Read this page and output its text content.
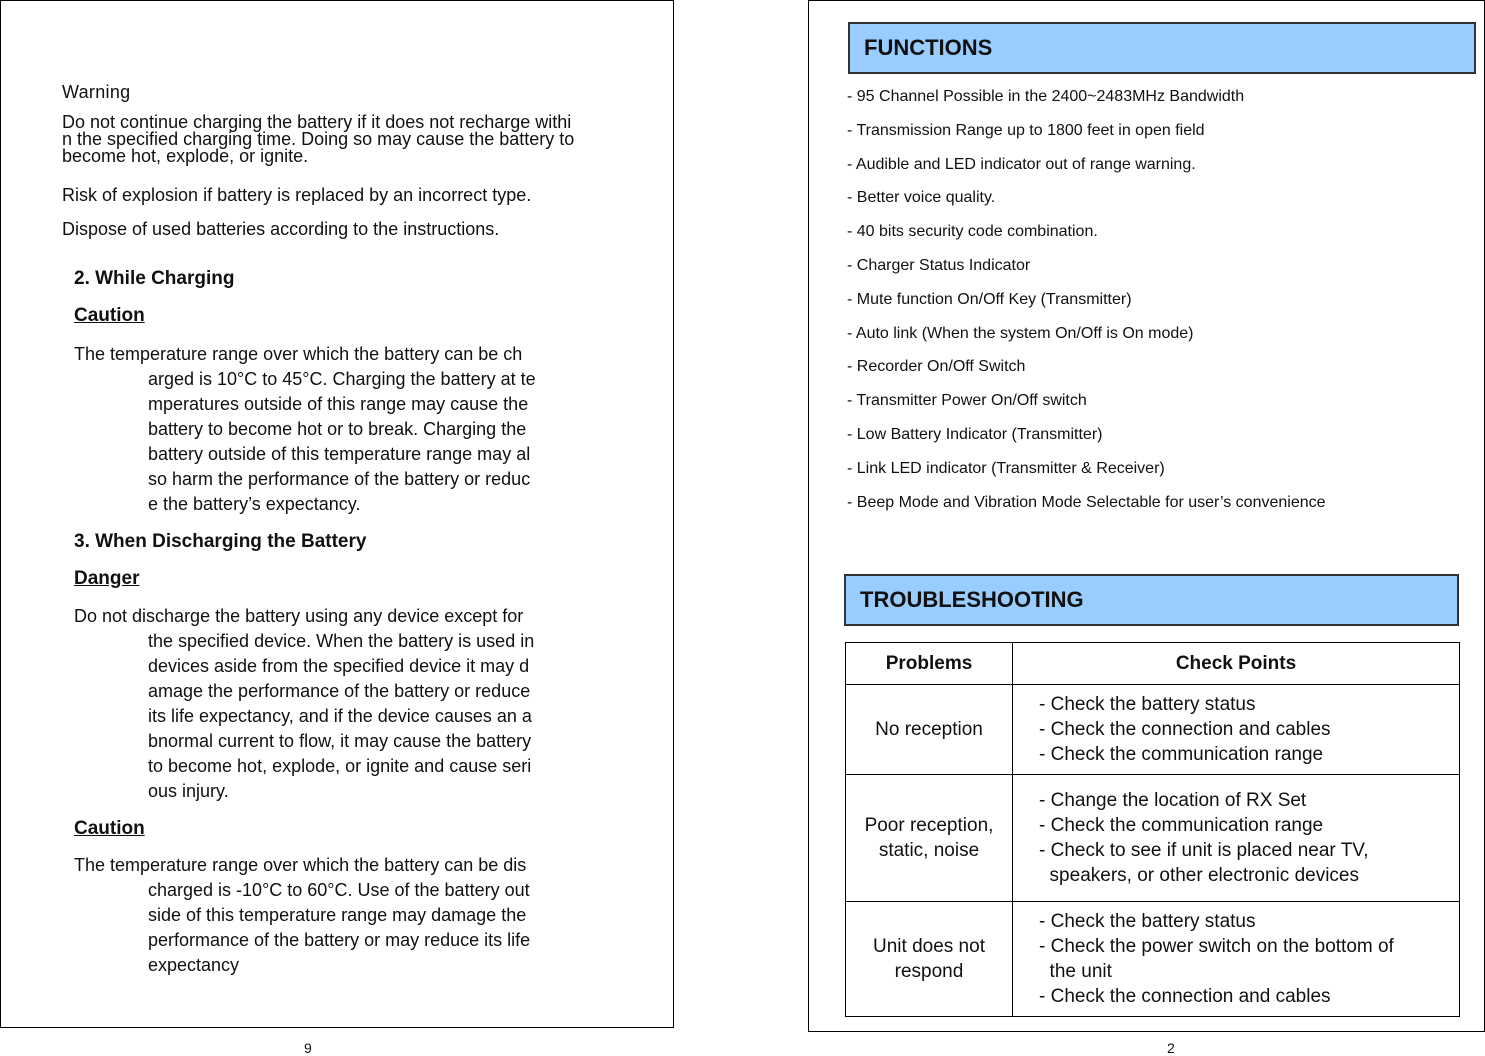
Warning
Do not continue charging the battery if it does not recharge withi
n the specified charging time. Doing so may cause the battery to
become hot, explode, or ignite.
Risk of explosion if battery is replaced by an incorrect type.
Dispose of used batteries according to the instructions.
2. While Charging
Caution
The temperature range over which the battery can be ch
arged is 10°C to 45°C. Charging the battery at te
mperatures outside of this range may cause the
battery to become hot or to break. Charging the
battery outside of this temperature range may al
so harm the performance of the battery or reduc
e the battery’s expectancy.
3. When Discharging the Battery
Danger
Do not discharge the battery using any device except for
the specified device. When the battery is used in
devices aside from the specified device it may d
amage the performance of the battery or reduce
its life expectancy, and if the device causes an a
bnormal current to flow, it may cause the battery
to become hot, explode, or ignite and cause seri
ous injury.
Caution
The temperature range over which the battery can be dis
charged is -10°C to 60°C. Use of the battery out
side of this temperature range may damage the
performance of the battery or may reduce its life
expectancy
9
FUNCTIONS
- 95 Channel Possible in the 2400~2483MHz Bandwidth
- Transmission Range up to 1800 feet in open field
- Audible and LED indicator out of range warning.
- Better voice quality.
- 40 bits security code combination.
- Charger Status Indicator
- Mute function On/Off Key (Transmitter)
- Auto link (When the system On/Off is On mode)
- Recorder On/Off Switch
- Transmitter Power On/Off switch
- Low Battery Indicator (Transmitter)
- Link LED indicator (Transmitter & Receiver)
- Beep Mode and Vibration Mode Selectable for user’s convenience
TROUBLESHOOTING
Problems	Check Points

No reception	- Check the battery status
- Check the connection and cables
- Check the communication range

Poor reception,
static, noise	- Change the location of RX Set
- Check the communication range
- Check to see if unit is placed near TV,
speakers, or other electronic devices

Unit does not
respond	- Check the battery status
- Check the power switch on the bottom of
the unit
- Check the connection and cables
2
